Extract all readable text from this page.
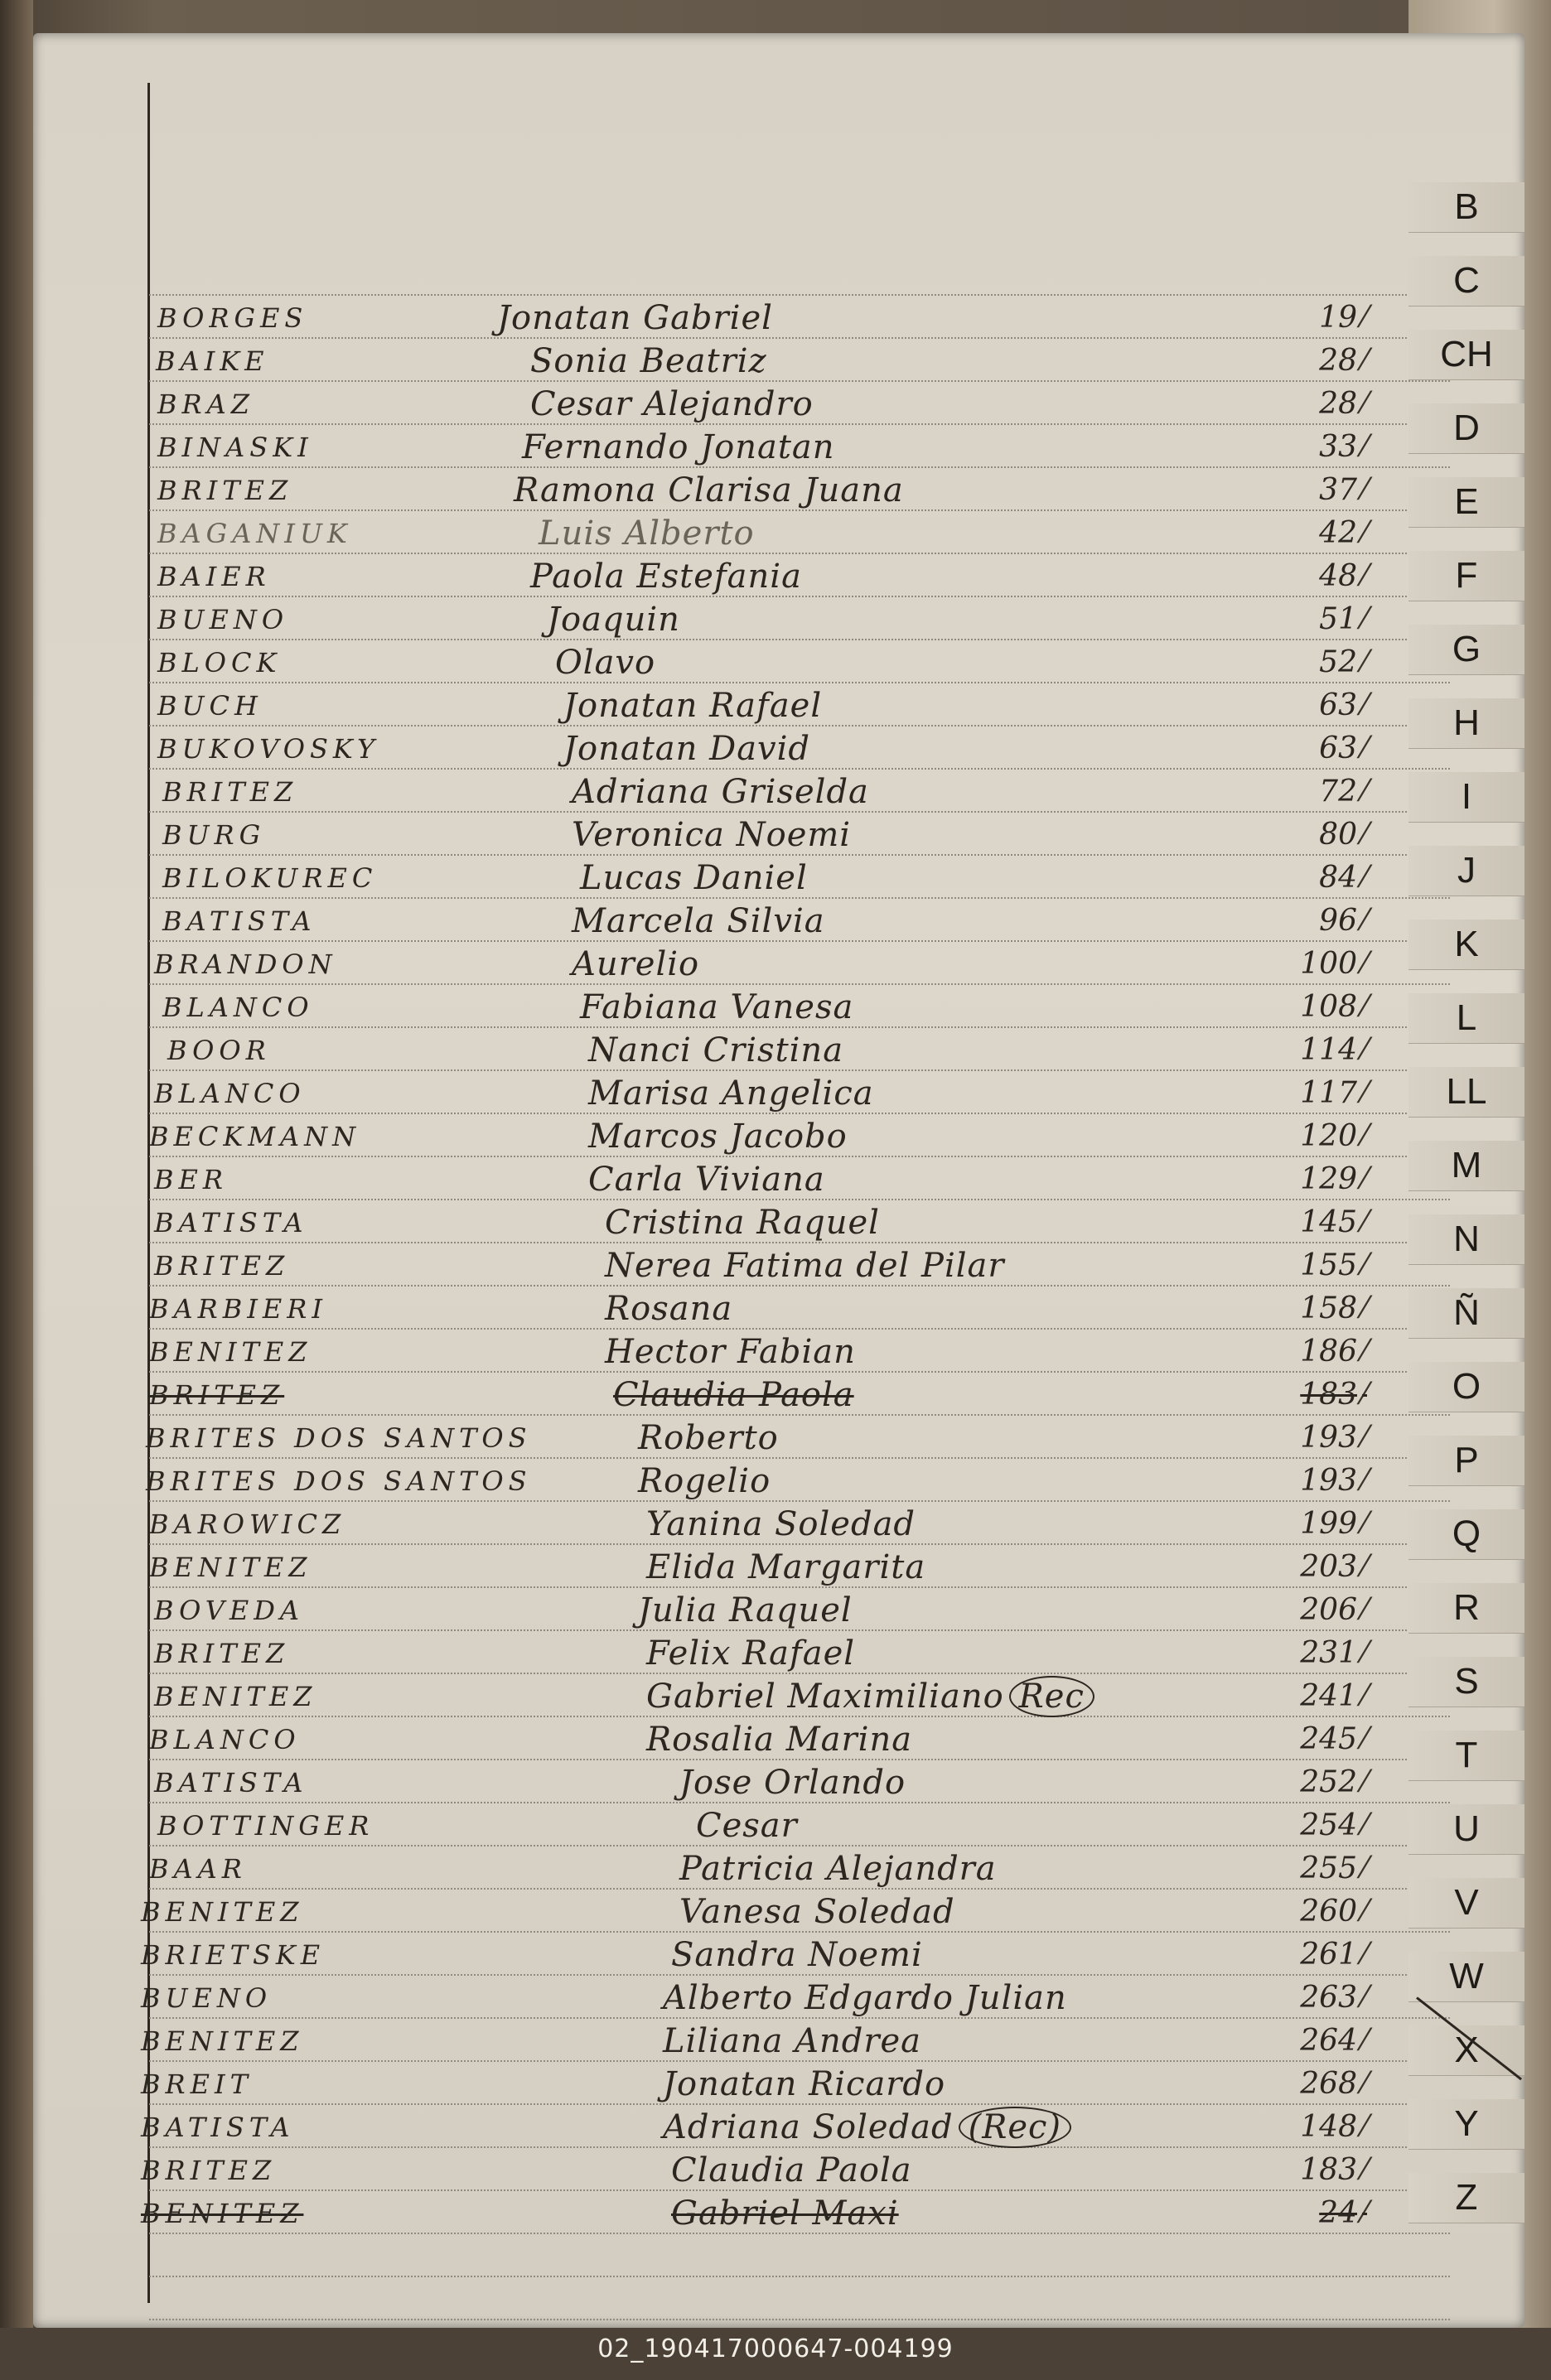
BORGES	Jonatan Gabriel	19 ⁄
BAIKE	Sonia Beatriz	28 ⁄
BRAZ	Cesar Alejandro	28 ⁄
BINASKI	Fernando Jonatan	33 ⁄
BRITEZ	Ramona Clarisa Juana	37 ⁄
BAGANIUK	Luis Alberto	42 ⁄
BAIER	Paola Estefania	48 ⁄
BUENO	Joaquin	51 ⁄
BLOCK	Olavo	52 ⁄
BUCH	Jonatan Rafael	63 ⁄
BUKOVOSKY	Jonatan David	63 ⁄
BRITEZ	Adriana Griselda	72 ⁄
BURG	Veronica Noemi	80 ⁄
BILOKUREC	Lucas Daniel	84 ⁄
BATISTA	Marcela Silvia	96 ⁄
BRANDON	Aurelio	100 ⁄
BLANCO	Fabiana Vanesa	108 ⁄
BOOR	Nanci Cristina	114 ⁄
BLANCO	Marisa Angelica	117 ⁄
BECKMANN	Marcos Jacobo	120 ⁄
BER	Carla Viviana	129 ⁄
BATISTA	Cristina Raquel	145 ⁄
BRITEZ	Nerea Fatima del Pilar	155 ⁄
BARBIERI	Rosana	158 ⁄
BENITEZ	Hector Fabian	186 ⁄
BRITEZ	Claudia Paola	183 ⁄
BRITES DOS SANTOS	Roberto	193 ⁄
BRITES DOS SANTOS	Rogelio	193 ⁄
BAROWICZ	Yanina Soledad	199 ⁄
BENITEZ	Elida Margarita	203 ⁄
BOVEDA	Julia Raquel	206 ⁄
BRITEZ	Felix Rafael	231 ⁄
BENITEZ	Gabriel Maximiliano Rec	241 ⁄
BLANCO	Rosalia Marina	245 ⁄
BATISTA	Jose Orlando	252 ⁄
BOTTINGER	Cesar	254 ⁄
BAAR	Patricia Alejandra	255 ⁄
BENITEZ	Vanesa Soledad	260 ⁄
BRIETSKE	Sandra Noemi	261 ⁄
BUENO	Alberto Edgardo Julian	263 ⁄
BENITEZ	Liliana Andrea	264 ⁄
BREIT	Jonatan Ricardo	268 ⁄
BATISTA	Adriana Soledad (Rec)	148 ⁄
BRITEZ	Claudia Paola	183 ⁄
BENITEZ	Gabriel Maxi	24 ⁄
B
C
CH
D
E
F
G
H
I
J
K
L
LL
M
N
Ñ
O
P
Q
R
S
T
U
V
W
X
Y
Z
02_190417000647-004199
